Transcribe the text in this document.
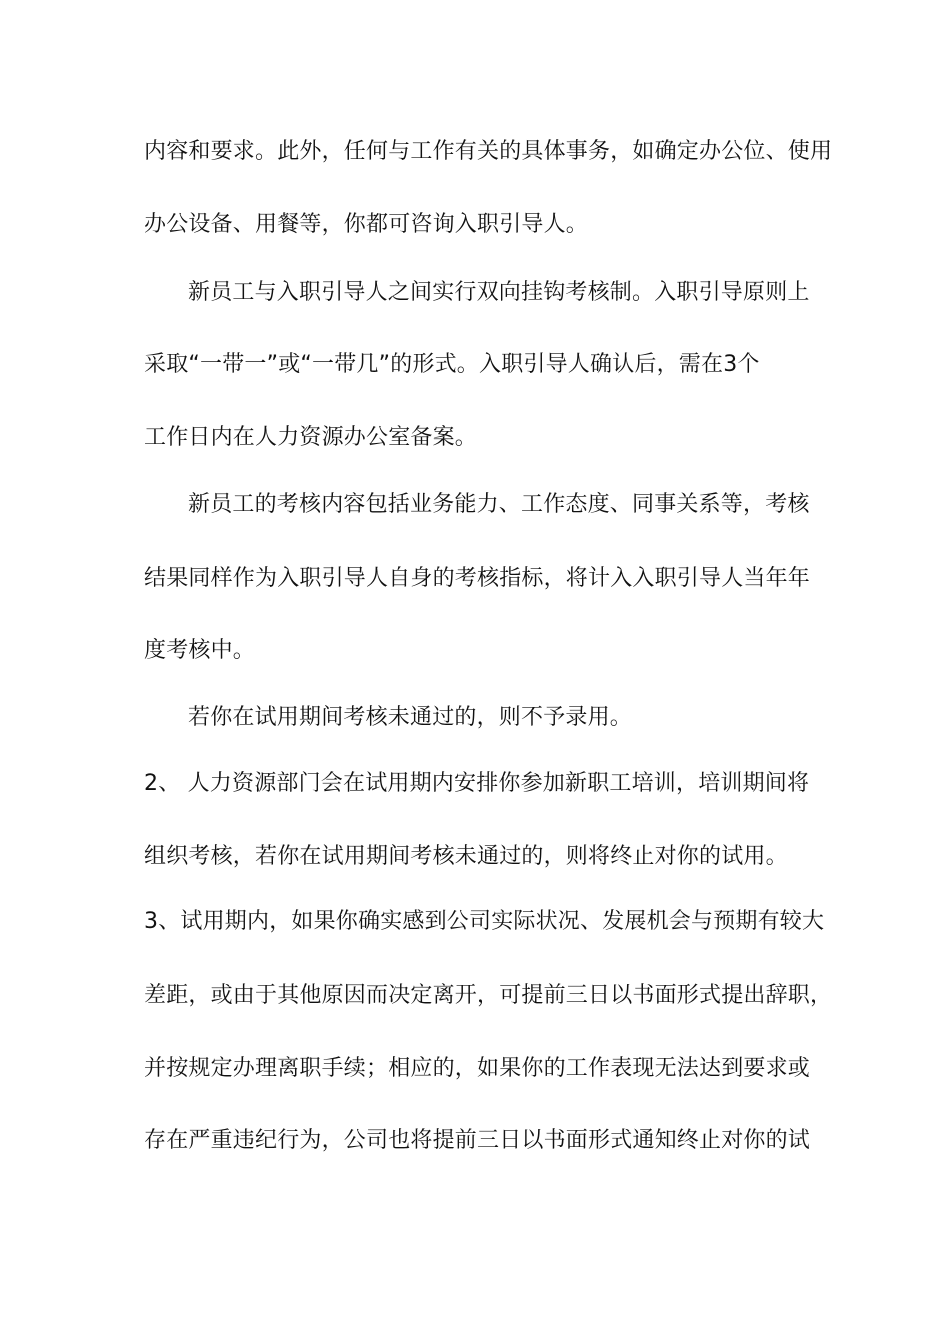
内容和要求。此外，任何与工作有关的具体事务，如确定办公位、使用
办公设备、用餐等，你都可咨询入职引导人。
新员工与入职引导人之间实行双向挂钩考核制。入职引导原则上
采取“一带一”或“一带几”的形式。入职引导人确认后，需在3个
工作日内在人力资源办公室备案。
新员工的考核内容包括业务能力、工作态度、同事关系等，考核
结果同样作为入职引导人自身的考核指标，将计入入职引导人当年年
度考核中。
若你在试用期间考核未通过的，则不予录用。
2、 人力资源部门会在试用期内安排你参加新职工培训，培训期间将
组织考核，若你在试用期间考核未通过的，则将终止对你的试用。
3、试用期内，如果你确实感到公司实际状况、发展机会与预期有较大
差距，或由于其他原因而决定离开，可提前三日以书面形式提出辞职，
并按规定办理离职手续；相应的，如果你的工作表现无法达到要求或
存在严重违纪行为，公司也将提前三日以书面形式通知终止对你的试
